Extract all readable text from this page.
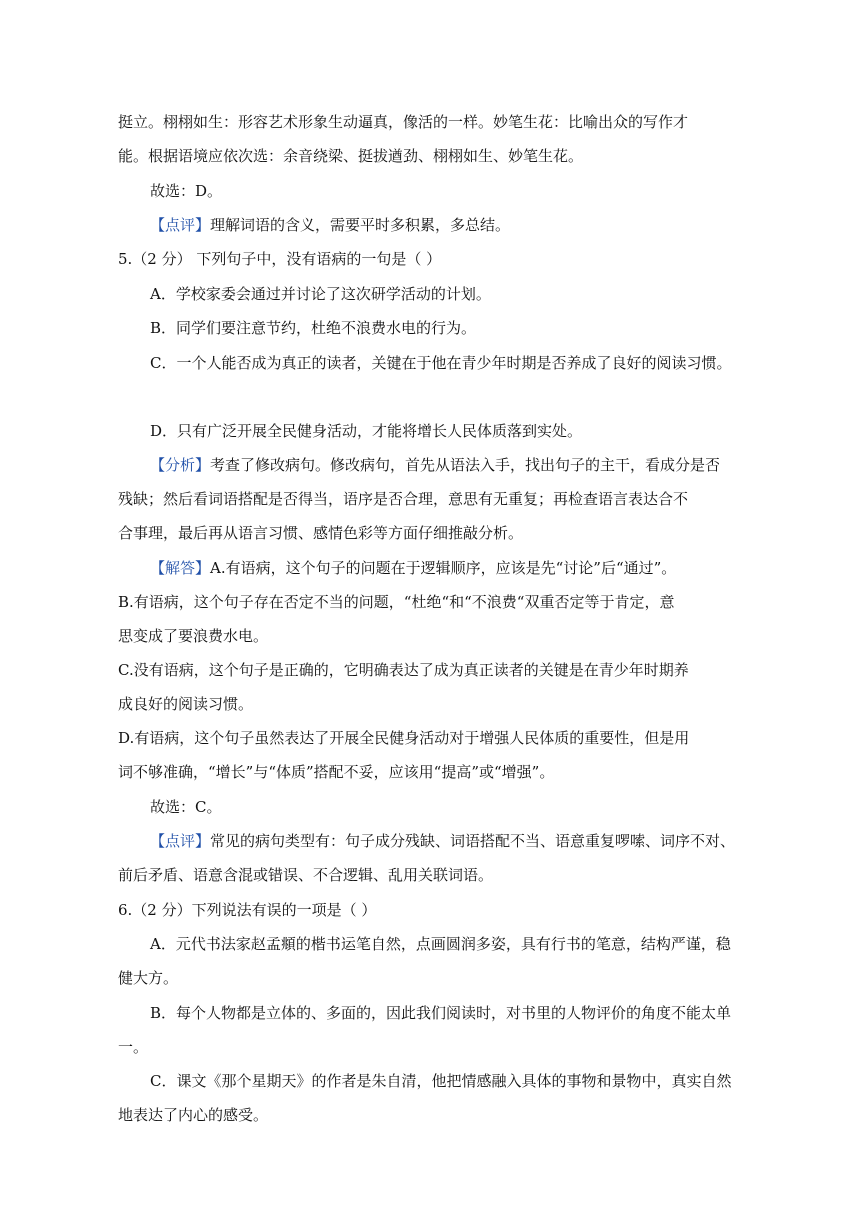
挺立。栩栩如生：形容艺术形象生动逼真，像活的一样。妙笔生花：比喻出众的写作才
能。根据语境应依次选：余音绕梁、挺拔遒劲、栩栩如生、妙笔生花。
故选：D。
【点评】理解词语的含义，需要平时多积累，多总结。
5.（2 分） 下列句子中，没有语病的一句是（ ）
A．学校家委会通过并讨论了这次研学活动的计划。
B．同学们要注意节约，杜绝不浪费水电的行为。
C．一个人能否成为真正的读者，关键在于他在青少年时期是否养成了良好的阅读习惯。
D．只有广泛开展全民健身活动，才能将增长人民体质落到实处。
【分析】考查了修改病句。修改病句，首先从语法入手，找出句子的主干，看成分是否
残缺；然后看词语搭配是否得当，语序是否合理，意思有无重复；再检查语言表达合不
合事理，最后再从语言习惯、感情色彩等方面仔细推敲分析。
【解答】A.有语病，这个句子的问题在于逻辑顺序，应该是先“讨论”后“通过”。
B.有语病，这个句子存在否定不当的问题，“杜绝“和“不浪费“双重否定等于肯定，意
思变成了要浪费水电。
C.没有语病，这个句子是正确的，它明确表达了成为真正读者的关键是在青少年时期养
成良好的阅读习惯。
D.有语病，这个句子虽然表达了开展全民健身活动对于增强人民体质的重要性，但是用
词不够准确，“增长”与“体质”搭配不妥，应该用“提高”或“增强”。
故选：C。
【点评】常见的病句类型有：句子成分残缺、词语搭配不当、语意重复啰嗦、词序不对、
前后矛盾、语意含混或错误、不合逻辑、乱用关联词语。
6.（2 分）下列说法有误的一项是（ ）
A．元代书法家赵孟頫的楷书运笔自然，点画圆润多姿，具有行书的笔意，结构严谨，稳
健大方。
B．每个人物都是立体的、多面的，因此我们阅读时，对书里的人物评价的角度不能太单
一。
C．课文《那个星期天》的作者是朱自清，他把情感融入具体的事物和景物中，真实自然
地表达了内心的感受。
